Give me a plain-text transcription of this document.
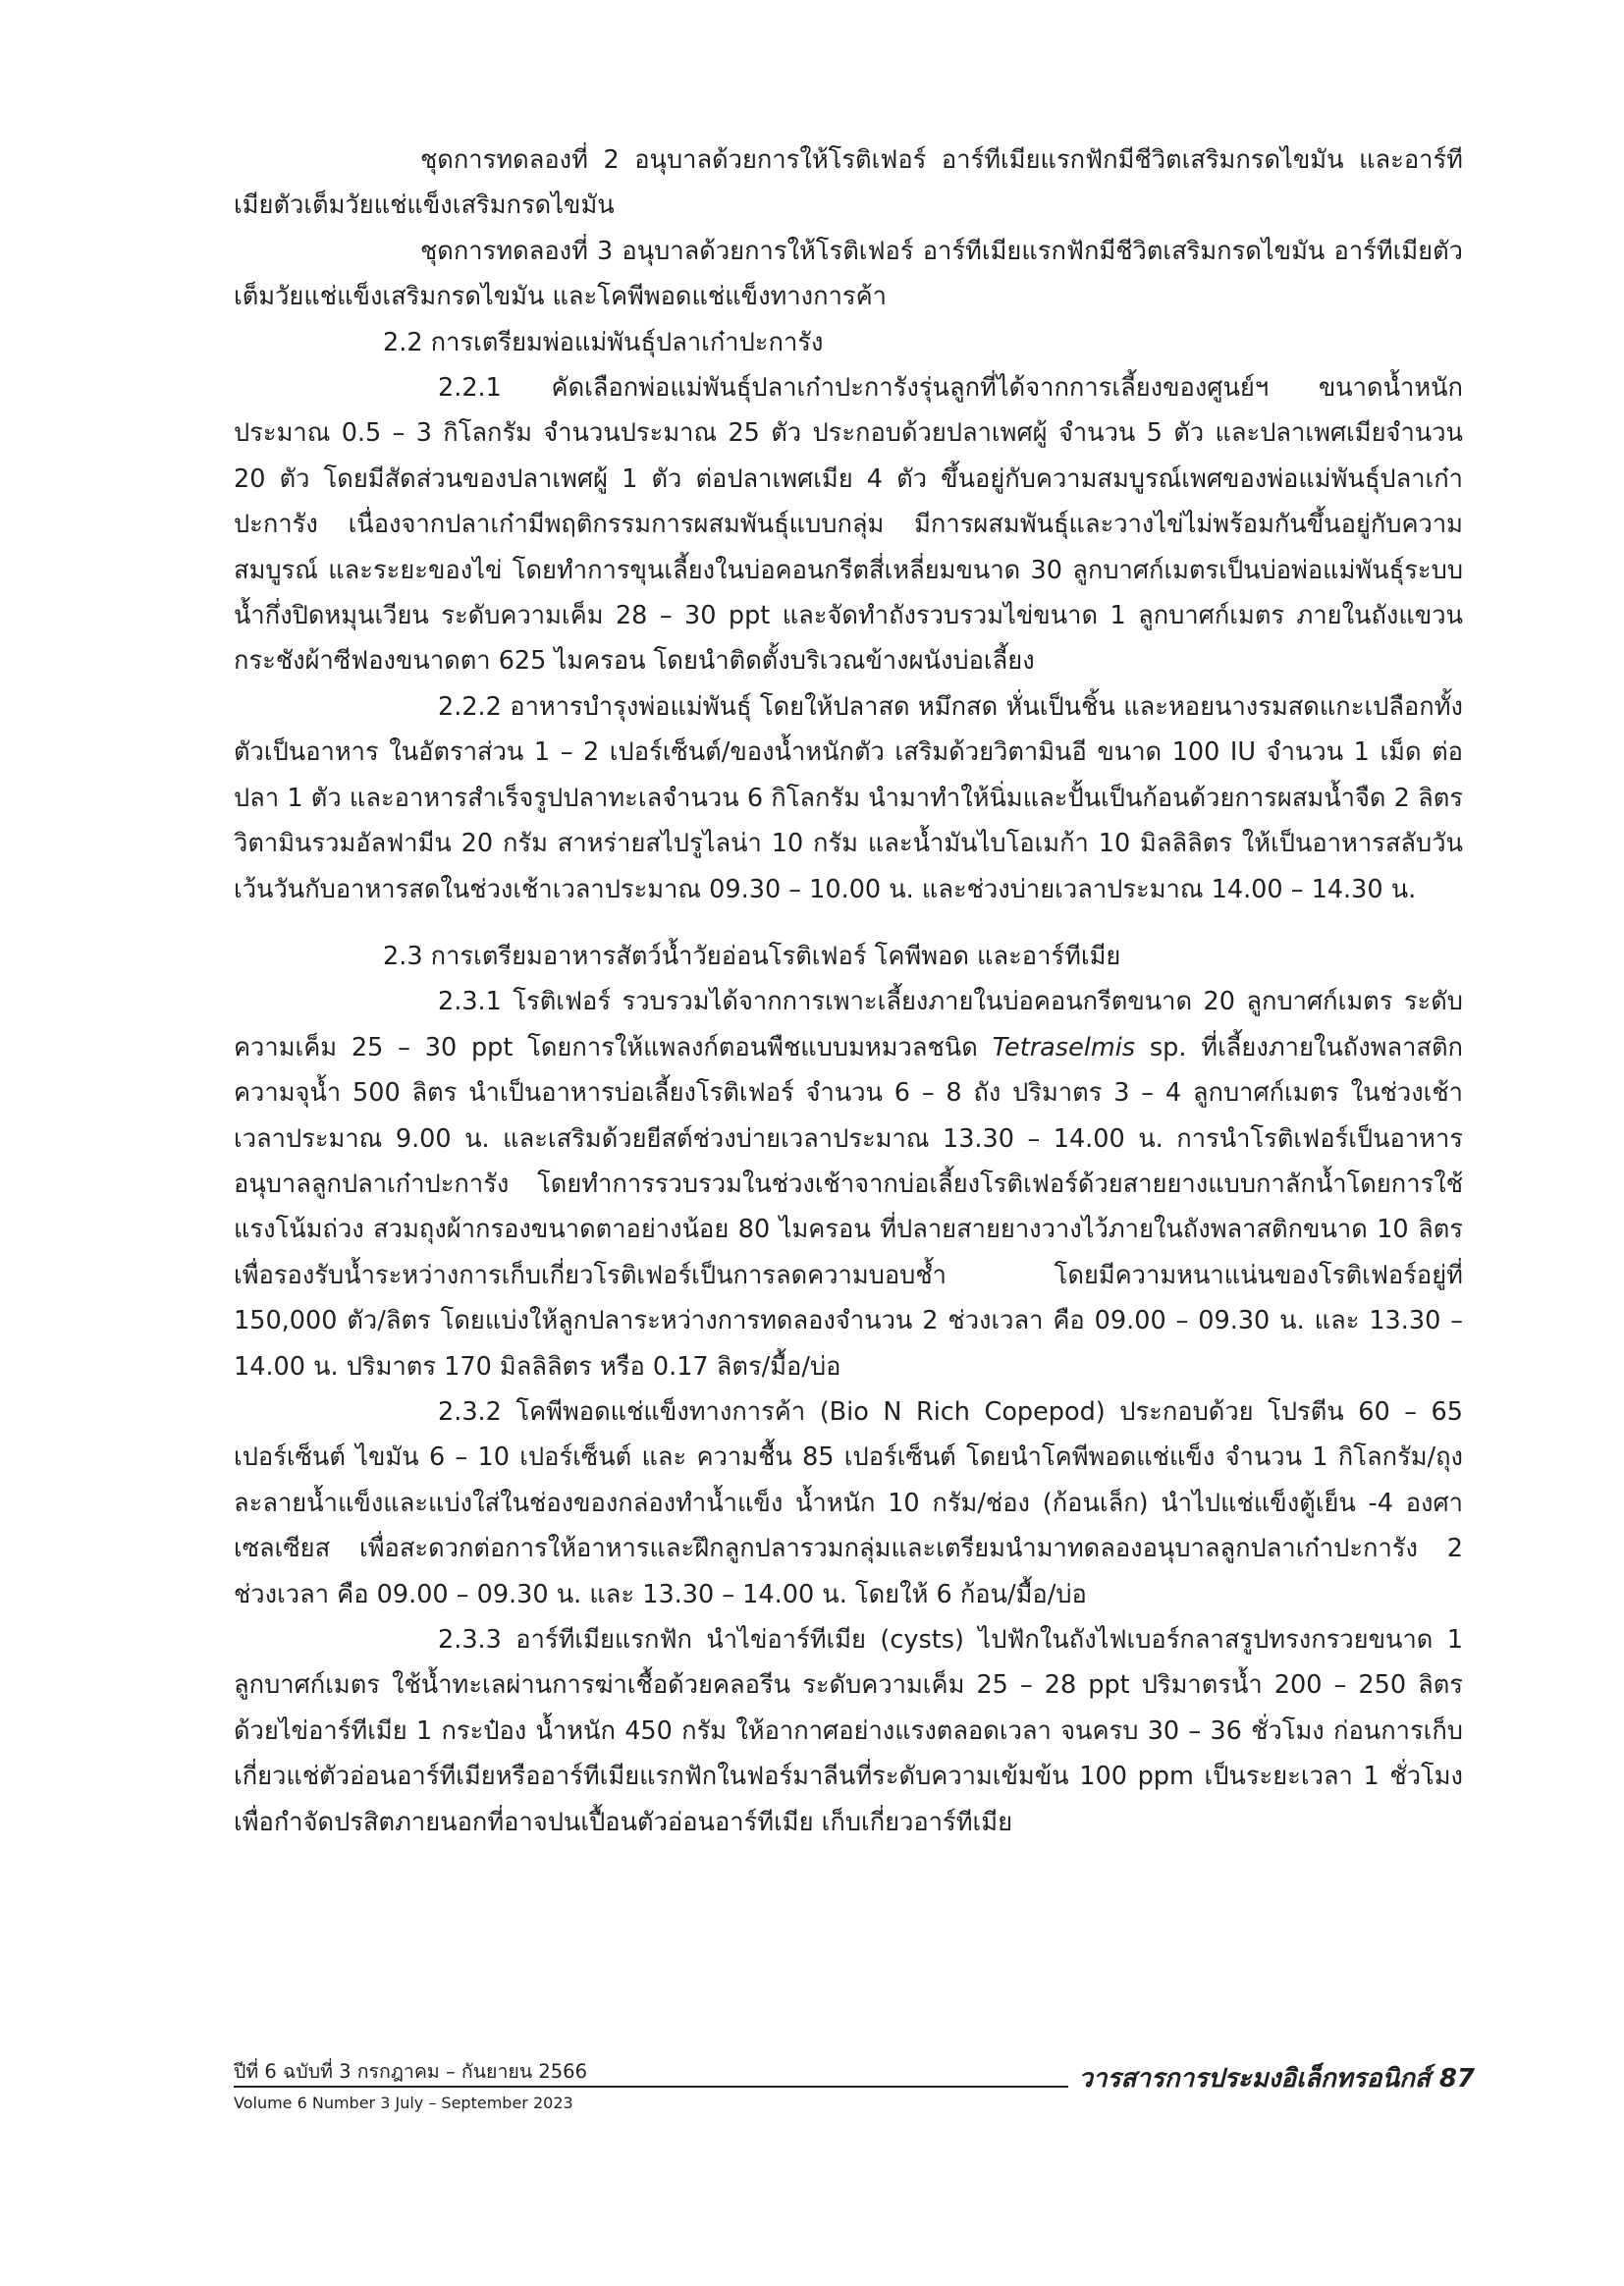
ชุดการทดลองที่ 2 อนุบาลด้วยการให้โรติเฟอร์ อาร์ทีเมียแรกฟักมีชีวิตเสริมกรดไขมัน และอาร์ทีเมียตัวเต็มวัยแช่แข็งเสริมกรดไขมัน

ชุดการทดลองที่ 3 อนุบาลด้วยการให้โรติเฟอร์ อาร์ทีเมียแรกฟักมีชีวิตเสริมกรดไขมัน อาร์ทีเมียตัวเต็มวัยแช่แข็งเสริมกรดไขมัน และโคพีพอดแช่แข็งทางการค้า

2.2 การเตรียมพ่อแม่พันธุ์ปลาเก๋าปะการัง

2.2.1 คัดเลือกพ่อแม่พันธุ์ปลาเก๋าปะการังรุ่นลูกที่ได้จากการเลี้ยงของศูนย์ฯ ขนาดน้ำหนักประมาณ 0.5 – 3 กิโลกรัม จำนวนประมาณ 25 ตัว ประกอบด้วยปลาเพศผู้ จำนวน 5 ตัว และปลาเพศเมียจำนวน 20 ตัว โดยมีสัดส่วนของปลาเพศผู้ 1 ตัว ต่อปลาเพศเมีย 4 ตัว ขึ้นอยู่กับความสมบูรณ์เพศของพ่อแม่พันธุ์ปลาเก๋าปะการัง เนื่องจากปลาเก๋ามีพฤติกรรมการผสมพันธุ์แบบกลุ่ม มีการผสมพันธุ์และวางไข่ไม่พร้อมกันขึ้นอยู่กับความสมบูรณ์ และระยะของไข่ โดยทำการขุนเลี้ยงในบ่อคอนกรีตสี่เหลี่ยมขนาด 30 ลูกบาศก์เมตรเป็นบ่อพ่อแม่พันธุ์ระบบน้ำกึ่งปิดหมุนเวียน ระดับความเค็ม 28 – 30 ppt และจัดทำถังรวบรวมไข่ขนาด 1 ลูกบาศก์เมตร ภายในถังแขวนกระชังผ้าซีฟองขนาดตา 625 ไมครอน โดยนำติดตั้งบริเวณข้างผนังบ่อเลี้ยง

2.2.2 อาหารบำรุงพ่อแม่พันธุ์ โดยให้ปลาสด หมึกสด หั่นเป็นชิ้น และหอยนางรมสดแกะเปลือกทั้งตัวเป็นอาหาร ในอัตราส่วน 1 – 2 เปอร์เซ็นต์/ของน้ำหนักตัว เสริมด้วยวิตามินอี ขนาด 100 IU จำนวน 1 เม็ด ต่อปลา 1 ตัว และอาหารสำเร็จรูปปลาทะเลจำนวน 6 กิโลกรัม นำมาทำให้นิ่มและปั้นเป็นก้อนด้วยการผสมน้ำจืด 2 ลิตร วิตามินรวมอัลฟามีน 20 กรัม สาหร่ายสไปรูไลน่า 10 กรัม และน้ำมันไบโอเมก้า 10 มิลลิลิตร ให้เป็นอาหารสลับวันเว้นวันกับอาหารสดในช่วงเช้าเวลาประมาณ 09.30 – 10.00 น. และช่วงบ่ายเวลาประมาณ 14.00 – 14.30 น.

2.3 การเตรียมอาหารสัตว์น้ำวัยอ่อนโรติเฟอร์ โคพีพอด และอาร์ทีเมีย

2.3.1 โรติเฟอร์ รวบรวมได้จากการเพาะเลี้ยงภายในบ่อคอนกรีตขนาด 20 ลูกบาศก์เมตร ระดับความเค็ม 25 – 30 ppt โดยการให้แพลงก์ตอนพืชแบบมหมวลชนิด Tetraselmis sp. ที่เลี้ยงภายในถังพลาสติกความจุน้ำ 500 ลิตร นำเป็นอาหารบ่อเลี้ยงโรติเฟอร์ จำนวน 6 – 8 ถัง ปริมาตร 3 – 4 ลูกบาศก์เมตร ในช่วงเช้าเวลาประมาณ 9.00 น. และเสริมด้วยยีสต์ช่วงบ่ายเวลาประมาณ 13.30 – 14.00 น. การนำโรติเฟอร์เป็นอาหารอนุบาลลูกปลาเก๋าปะการัง โดยทำการรวบรวมในช่วงเช้าจากบ่อเลี้ยงโรติเฟอร์ด้วยสายยางแบบกาลักน้ำโดยการใช้แรงโน้มถ่วง สวมถุงผ้ากรองขนาดตาอย่างน้อย 80 ไมครอน ที่ปลายสายยางวางไว้ภายในถังพลาสติกขนาด 10 ลิตร เพื่อรองรับน้ำระหว่างการเก็บเกี่ยวโรติเฟอร์เป็นการลดความบอบช้ำ โดยมีความหนาแน่นของโรติเฟอร์อยู่ที่ 150,000 ตัว/ลิตร โดยแบ่งให้ลูกปลาระหว่างการทดลองจำนวน 2 ช่วงเวลา คือ 09.00 – 09.30 น. และ 13.30 – 14.00 น. ปริมาตร 170 มิลลิลิตร หรือ 0.17 ลิตร/มื้อ/บ่อ

2.3.2 โคพีพอดแช่แข็งทางการค้า (Bio N Rich Copepod) ประกอบด้วย โปรตีน 60 – 65 เปอร์เซ็นต์ ไขมัน 6 – 10 เปอร์เซ็นต์ และ ความชื้น 85 เปอร์เซ็นต์ โดยนำโคพีพอดแช่แข็ง จำนวน 1 กิโลกรัม/ถุง ละลายน้ำแข็งและแบ่งใส่ในช่องของกล่องทำน้ำแข็ง น้ำหนัก 10 กรัม/ช่อง (ก้อนเล็ก) นำไปแช่แข็งตู้เย็น -4 องศาเซลเซียส เพื่อสะดวกต่อการให้อาหารและฝึกลูกปลารวมกลุ่มและเตรียมนำมาทดลองอนุบาลลูกปลาเก๋าปะการัง 2 ช่วงเวลา คือ 09.00 – 09.30 น. และ 13.30 – 14.00 น. โดยให้ 6 ก้อน/มื้อ/บ่อ

2.3.3 อาร์ทีเมียแรกฟัก นำไข่อาร์ทีเมีย (cysts) ไปฟักในถังไฟเบอร์กลาสรูปทรงกรวยขนาด 1 ลูกบาศก์เมตร ใช้น้ำทะเลผ่านการฆ่าเชื้อด้วยคลอรีน ระดับความเค็ม 25 – 28 ppt ปริมาตรน้ำ 200 – 250 ลิตร ด้วยไข่อาร์ทีเมีย 1 กระป๋อง น้ำหนัก 450 กรัม ให้อากาศอย่างแรงตลอดเวลา จนครบ 30 – 36 ชั่วโมง ก่อนการเก็บเกี่ยวแช่ตัวอ่อนอาร์ทีเมียหรืออาร์ทีเมียแรกฟักในฟอร์มาลีนที่ระดับความเข้มข้น 100 ppm เป็นระยะเวลา 1 ชั่วโมง เพื่อกำจัดปรสิตภายนอกที่อาจปนเปื้อนตัวอ่อนอาร์ทีเมีย เก็บเกี่ยวอาร์ทีเมีย

ปีที่ 6 ฉบับที่ 3 กรกฎาคม – กันยายน 2566
Volume 6 Number 3 July – September 2023
วารสารการประมงอิเล็กทรอนิกส์ 87
